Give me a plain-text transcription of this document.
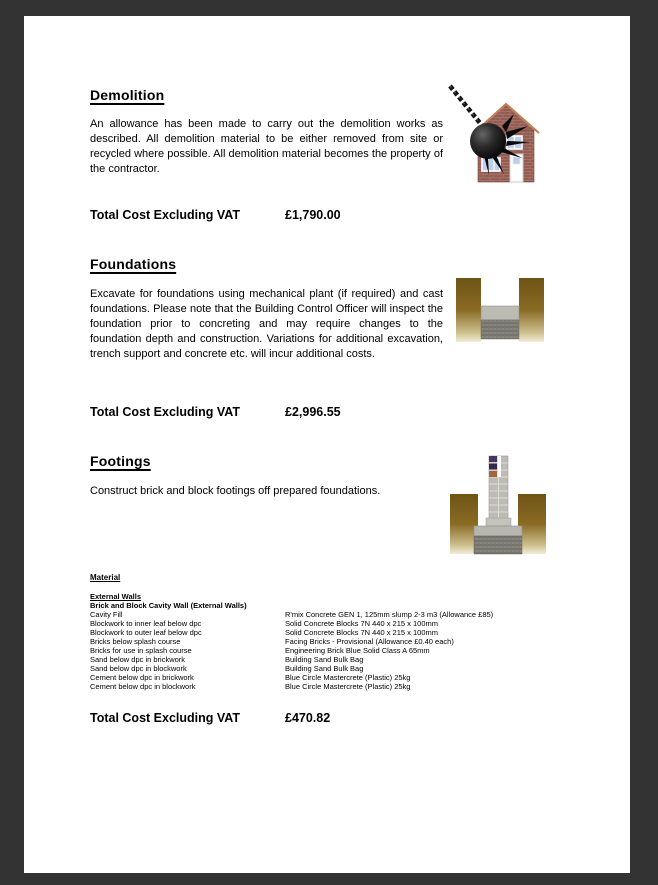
Demolition

An allowance has been made to carry out the demolition works as described. All demolition material to be either removed from site or recycled where possible. All demolition material becomes the property of the contractor.

Total Cost Excluding VAT	£1,790.00
Foundations

Excavate for foundations using mechanical plant (if required) and cast foundations. Please note that the Building Control Officer will inspect the foundation prior to concreting and may require changes to the foundation depth and construction. Variations for additional excavation, trench support and concrete etc. will incur additional costs.

Total Cost Excluding VAT	£2,996.55
Footings

Construct brick and block footings off prepared foundations.

Material
External Walls
Brick and Block Cavity Wall (External Walls)
Cavity Fill	R'mix Concrete GEN 1, 125mm slump 2-3 m3 (Allowance £85)
Blockwork to inner leaf below dpc	Solid Concrete Blocks 7N 440 x 215 x 100mm
Blockwork to outer leaf below dpc	Solid Concrete Blocks 7N 440 x 215 x 100mm
Bricks below splash course	Facing Bricks - Provisional (Allowance £0.40 each)
Bricks for use in splash course	Engineering Brick Blue Solid Class A 65mm
Sand below dpc in brickwork	Building Sand Bulk Bag
Sand below dpc in blockwork	Building Sand Bulk Bag
Cement below dpc in brickwork	Blue Circle Mastercrete (Plastic) 25kg
Cement below dpc in blockwork	Blue Circle Mastercrete (Plastic) 25kg
Total Cost Excluding VAT	£470.82
